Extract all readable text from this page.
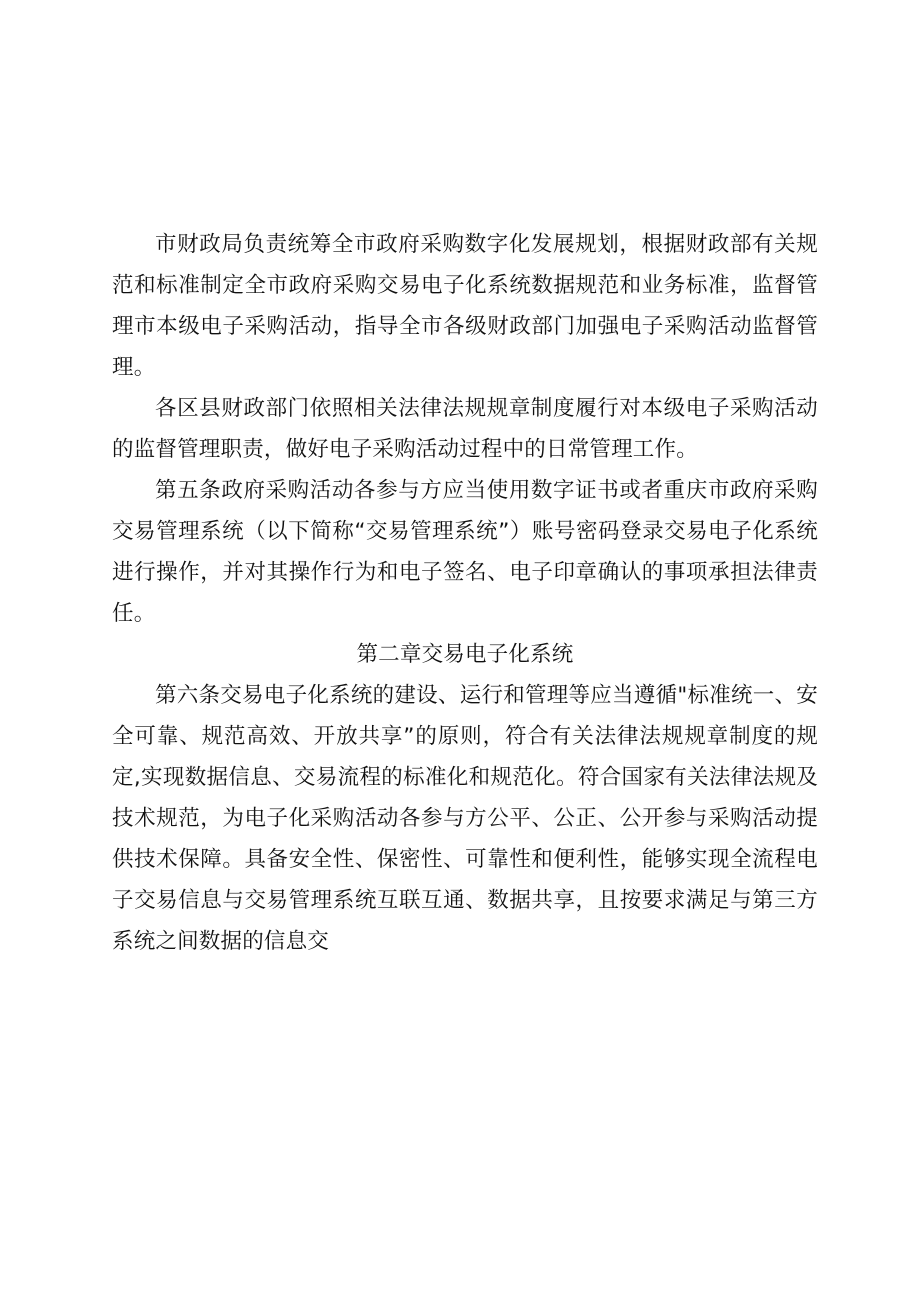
市财政局负责统筹全市政府采购数字化发展规划，根据财政部有关规范和标准制定全市政府采购交易电子化系统数据规范和业务标准，监督管理市本级电子采购活动，指导全市各级财政部门加强电子采购活动监督管理。

各区县财政部门依照相关法律法规规章制度履行对本级电子采购活动的监督管理职责，做好电子采购活动过程中的日常管理工作。

第五条政府采购活动各参与方应当使用数字证书或者重庆市政府采购交易管理系统（以下简称“交易管理系统”）账号密码登录交易电子化系统进行操作，并对其操作行为和电子签名、电子印章确认的事项承担法律责任。

第二章交易电子化系统

第六条交易电子化系统的建设、运行和管理等应当遵循"标准统一、安全可靠、规范高效、开放共享”的原则，符合有关法律法规规章制度的规定,实现数据信息、交易流程的标准化和规范化。符合国家有关法律法规及技术规范，为电子化采购活动各参与方公平、公正、公开参与采购活动提供技术保障。具备安全性、保密性、可靠性和便利性，能够实现全流程电子交易信息与交易管理系统互联互通、数据共享，且按要求满足与第三方系统之间数据的信息交
